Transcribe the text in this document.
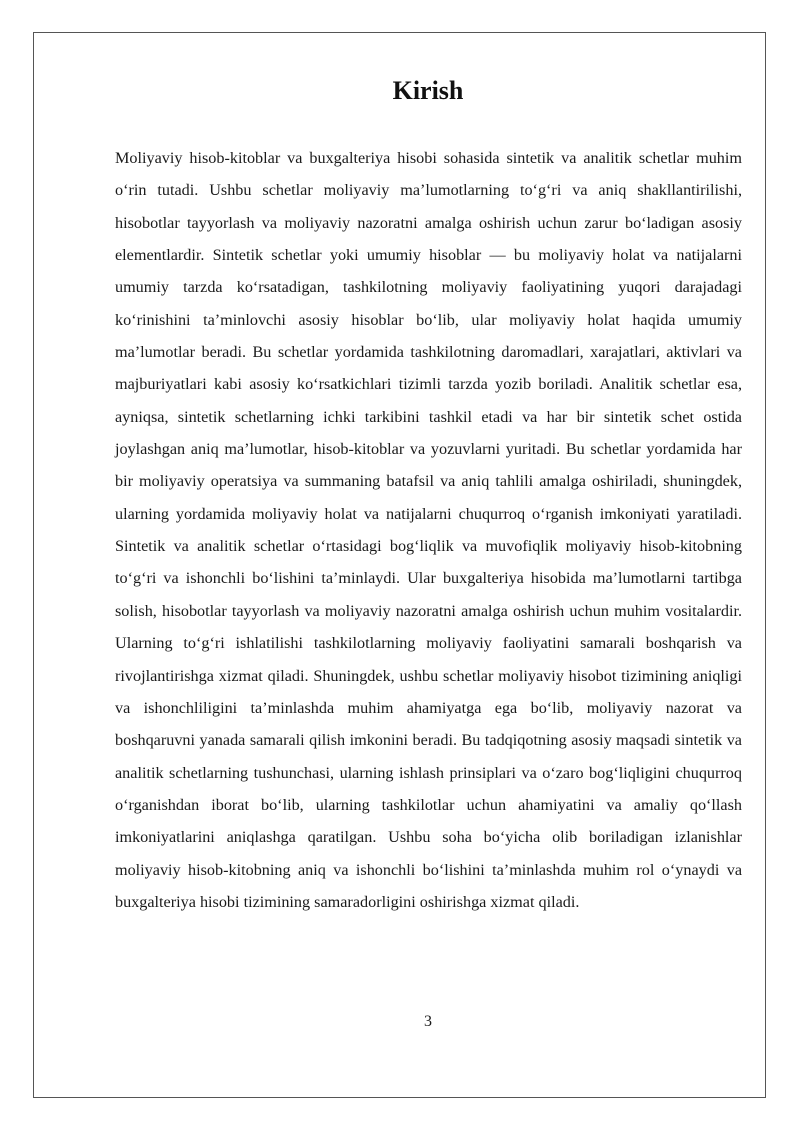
Kirish

Moliyaviy hisob-kitoblar va buxgalteriya hisobi sohasida sintetik va analitik schetlar muhim oʻrin tutadi. Ushbu schetlar moliyaviy maʼlumotlarning toʻgʻri va aniq shakllantirilishi, hisobotlar tayyorlash va moliyaviy nazoratni amalga oshirish uchun zarur boʻladigan asosiy elementlardir. Sintetik schetlar yoki umumiy hisoblar — bu moliyaviy holat va natijalarni umumiy tarzda koʻrsatadigan, tashkilotning moliyaviy faoliyatining yuqori darajadagi koʻrinishini taʼminlovchi asosiy hisoblar boʻlib, ular moliyaviy holat haqida umumiy maʼlumotlar beradi. Bu schetlar yordamida tashkilotning daromadlari, xarajatlari, aktivlari va majburiyatlari kabi asosiy koʻrsatkichlari tizimli tarzda yozib boriladi. Analitik schetlar esa, ayniqsa, sintetik schetlarning ichki tarkibini tashkil etadi va har bir sintetik schet ostida joylashgan aniq maʼlumotlar, hisob-kitoblar va yozuvlarni yuritadi. Bu schetlar yordamida har bir moliyaviy operatsiya va summaning batafsil va aniq tahlili amalga oshiriladi, shuningdek, ularning yordamida moliyaviy holat va natijalarni chuqurroq oʻrganish imkoniyati yaratiladi. Sintetik va analitik schetlar oʻrtasidagi bogʻliqlik va muvofiqlik moliyaviy hisob-kitobning toʻgʻri va ishonchli boʻlishini taʼminlaydi. Ular buxgalteriya hisobida maʼlumotlarni tartibga solish, hisobotlar tayyorlash va moliyaviy nazoratni amalga oshirish uchun muhim vositalardir. Ularning toʻgʻri ishlatilishi tashkilotlarning moliyaviy faoliyatini samarali boshqarish va rivojlantirishga xizmat qiladi. Shuningdek, ushbu schetlar moliyaviy hisobot tizimining aniqligi va ishonchliligini taʼminlashda muhim ahamiyatga ega boʻlib, moliyaviy nazorat va boshqaruvni yanada samarali qilish imkonini beradi. Bu tadqiqotning asosiy maqsadi sintetik va analitik schetlarning tushunchasi, ularning ishlash prinsiplari va oʻzaro bogʻliqligini chuqurroq oʻrganishdan iborat boʻlib, ularning tashkilotlar uchun ahamiyatini va amaliy qoʻllash imkoniyatlarini aniqlashga qaratilgan. Ushbu soha boʻyicha olib boriladigan izlanishlar moliyaviy hisob-kitobning aniq va ishonchli boʻlishini taʼminlashda muhim rol oʻynaydi va buxgalteriya hisobi tizimining samaradorligini oshirishga xizmat qiladi.

3
